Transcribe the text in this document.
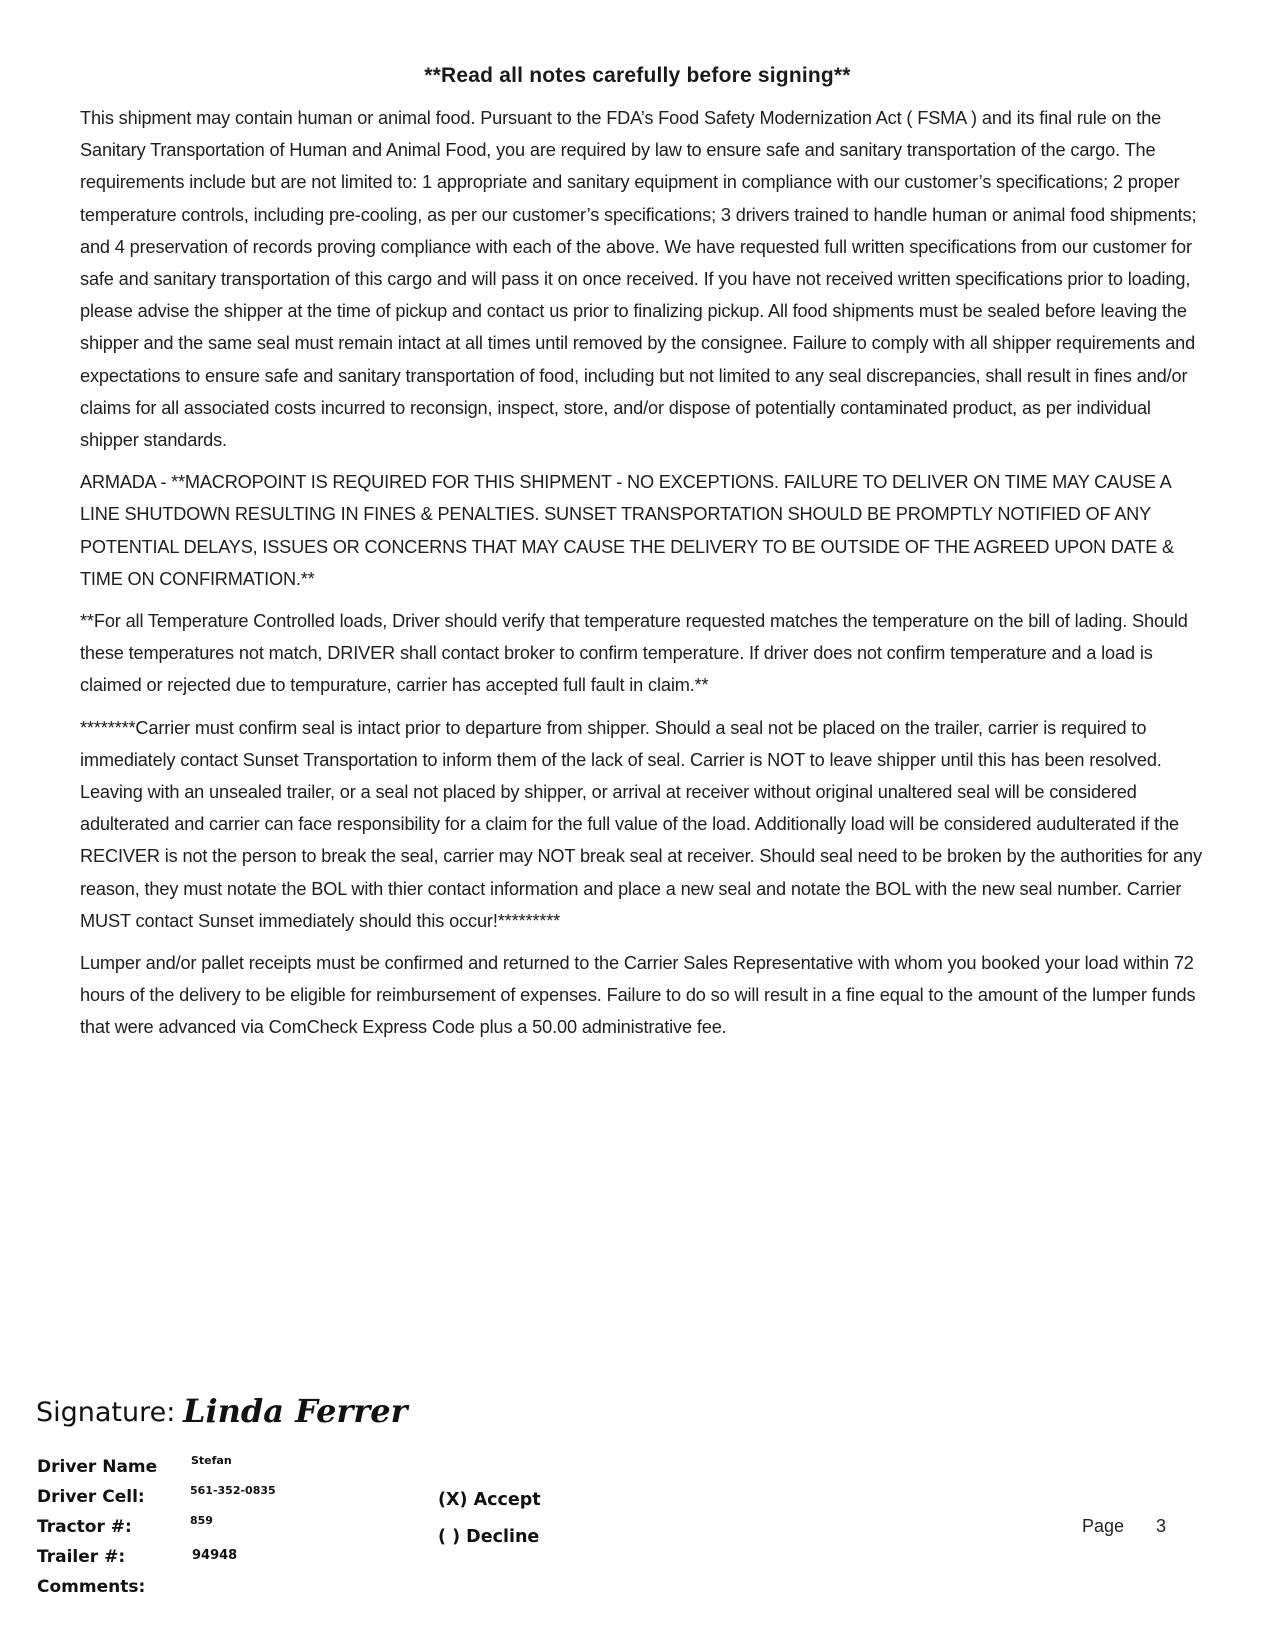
**Read all notes carefully before signing**

This shipment may contain human or animal food. Pursuant to the FDA’s Food Safety Modernization Act ( FSMA ) and its final rule on the Sanitary Transportation of Human and Animal Food, you are required by law to ensure safe and sanitary transportation of the cargo. The requirements include but are not limited to: 1 appropriate and sanitary equipment in compliance with our customer’s specifications; 2 proper temperature controls, including pre-cooling, as per our customer’s specifications; 3 drivers trained to handle human or animal food shipments; and 4 preservation of records proving compliance with each of the above. We have requested full written specifications from our customer for safe and sanitary transportation of this cargo and will pass it on once received. If you have not received written specifications prior to loading, please advise the shipper at the time of pickup and contact us prior to finalizing pickup. All food shipments must be sealed before leaving the shipper and the same seal must remain intact at all times until removed by the consignee. Failure to comply with all shipper requirements and expectations to ensure safe and sanitary transportation of food, including but not limited to any seal discrepancies, shall result in fines and/or claims for all associated costs incurred to reconsign, inspect, store, and/or dispose of potentially contaminated product, as per individual shipper standards.

ARMADA - **MACROPOINT IS REQUIRED FOR THIS SHIPMENT - NO EXCEPTIONS. FAILURE TO DELIVER ON TIME MAY CAUSE A LINE SHUTDOWN RESULTING IN FINES & PENALTIES. SUNSET TRANSPORTATION SHOULD BE PROMPTLY NOTIFIED OF ANY POTENTIAL DELAYS, ISSUES OR CONCERNS THAT MAY CAUSE THE DELIVERY TO BE OUTSIDE OF THE AGREED UPON DATE & TIME ON CONFIRMATION.**

**For all Temperature Controlled loads, Driver should verify that temperature requested matches the temperature on the bill of lading. Should these temperatures not match, DRIVER shall contact broker to confirm temperature. If driver does not confirm temperature and a load is claimed or rejected due to tempurature, carrier has accepted full fault in claim.**

********Carrier must confirm seal is intact prior to departure from shipper. Should a seal not be placed on the trailer, carrier is required to immediately contact Sunset Transportation to inform them of the lack of seal. Carrier is NOT to leave shipper until this has been resolved. Leaving with an unsealed trailer, or a seal not placed by shipper, or arrival at receiver without original unaltered seal will be considered adulterated and carrier can face responsibility for a claim for the full value of the load. Additionally load will be considered audulterated if the RECIVER is not the person to break the seal, carrier may NOT break seal at receiver. Should seal need to be broken by the authorities for any reason, they must notate the BOL with thier contact information and place a new seal and notate the BOL with the new seal number. Carrier MUST contact Sunset immediately should this occur!*********

Lumper and/or pallet receipts must be confirmed and returned to the Carrier Sales Representative with whom you booked your load within 72 hours of the delivery to be eligible for reimbursement of expenses. Failure to do so will result in a fine equal to the amount of the lumper funds that were advanced via ComCheck Express Code plus a 50.00 administrative fee.

Signature: Linda Ferrer
Driver Name	Stefan
Driver Cell:	561-352-0835
Tractor #:	859
Trailer #:	94948
Comments:
(X) Accept
( ) Decline
Page 3
